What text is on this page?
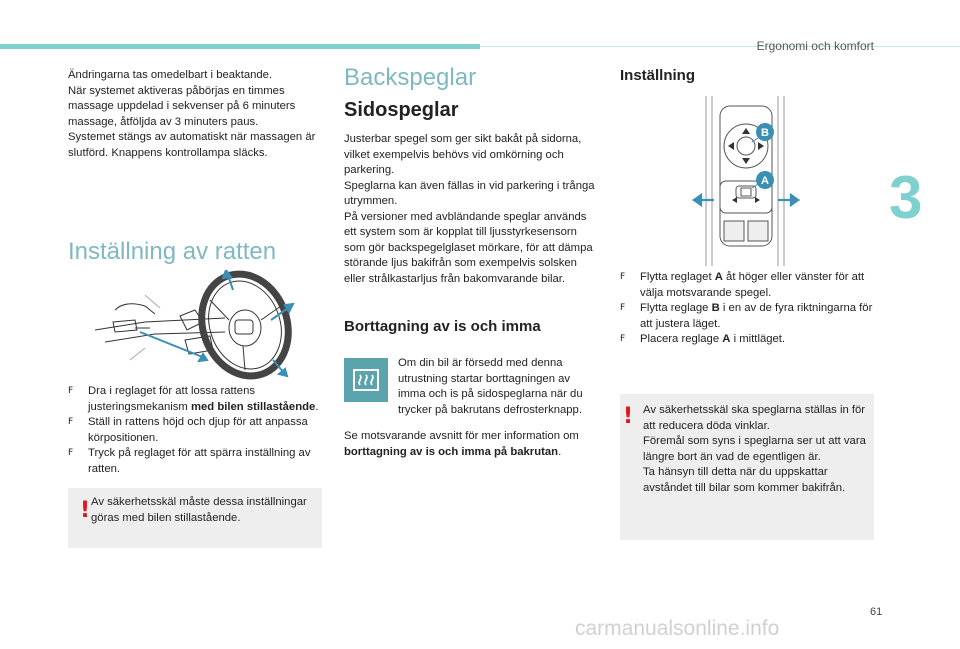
Ergonomi och komfort
3
61
carmanualsonline.info

Ändringarna tas omedelbart i beaktande.
När systemet aktiveras påbörjas en timmes massage uppdelad i sekvenser på 6 minuters massage, åtföljda av 3 minuters paus.
Systemet stängs av automatiskt när massagen är slutförd. Knappens kontrollampa släcks.

Inställning av ratten
F Dra i reglaget för att lossa rattens justeringsmekanism med bilen stillastående.
F Ställ in rattens höjd och djup för att anpassa körpositionen.
F Tryck på reglaget för att spärra inställning av ratten.
! Av säkerhetsskäl måste dessa inställningar göras med bilen stillastående.
Backspeglar
Sidospeglar

Justerbar spegel som ger sikt bakåt på sidorna, vilket exempelvis behövs vid omkörning och parkering.
Speglarna kan även fällas in vid parkering i trånga utrymmen.
På versioner med avbländande speglar används ett system som är kopplat till ljusstyrkesensorn som gör backspegelglaset mörkare, för att dämpa störande ljus bakifrån som exempelvis solsken eller strålkastarljus från bakomvarande bilar.

Borttagning av is och imma

Om din bil är försedd med denna utrustning startar borttagningen av imma och is på sidospeglarna när du trycker på bakrutans defrosterknapp.

Se motsvarande avsnitt för mer information om borttagning av is och imma på bakrutan.

Inställning
B
A
F Flytta reglaget A åt höger eller vänster för att välja motsvarande spegel.
F Flytta reglage B i en av de fyra riktningarna för att justera läget.
F Placera reglage A i mittläget.
! Av säkerhetsskäl ska speglarna ställas in för att reducera döda vinklar.
Föremål som syns i speglarna ser ut att vara längre bort än vad de egentligen är.
Ta hänsyn till detta när du uppskattar avståndet till bilar som kommer bakifrån.
